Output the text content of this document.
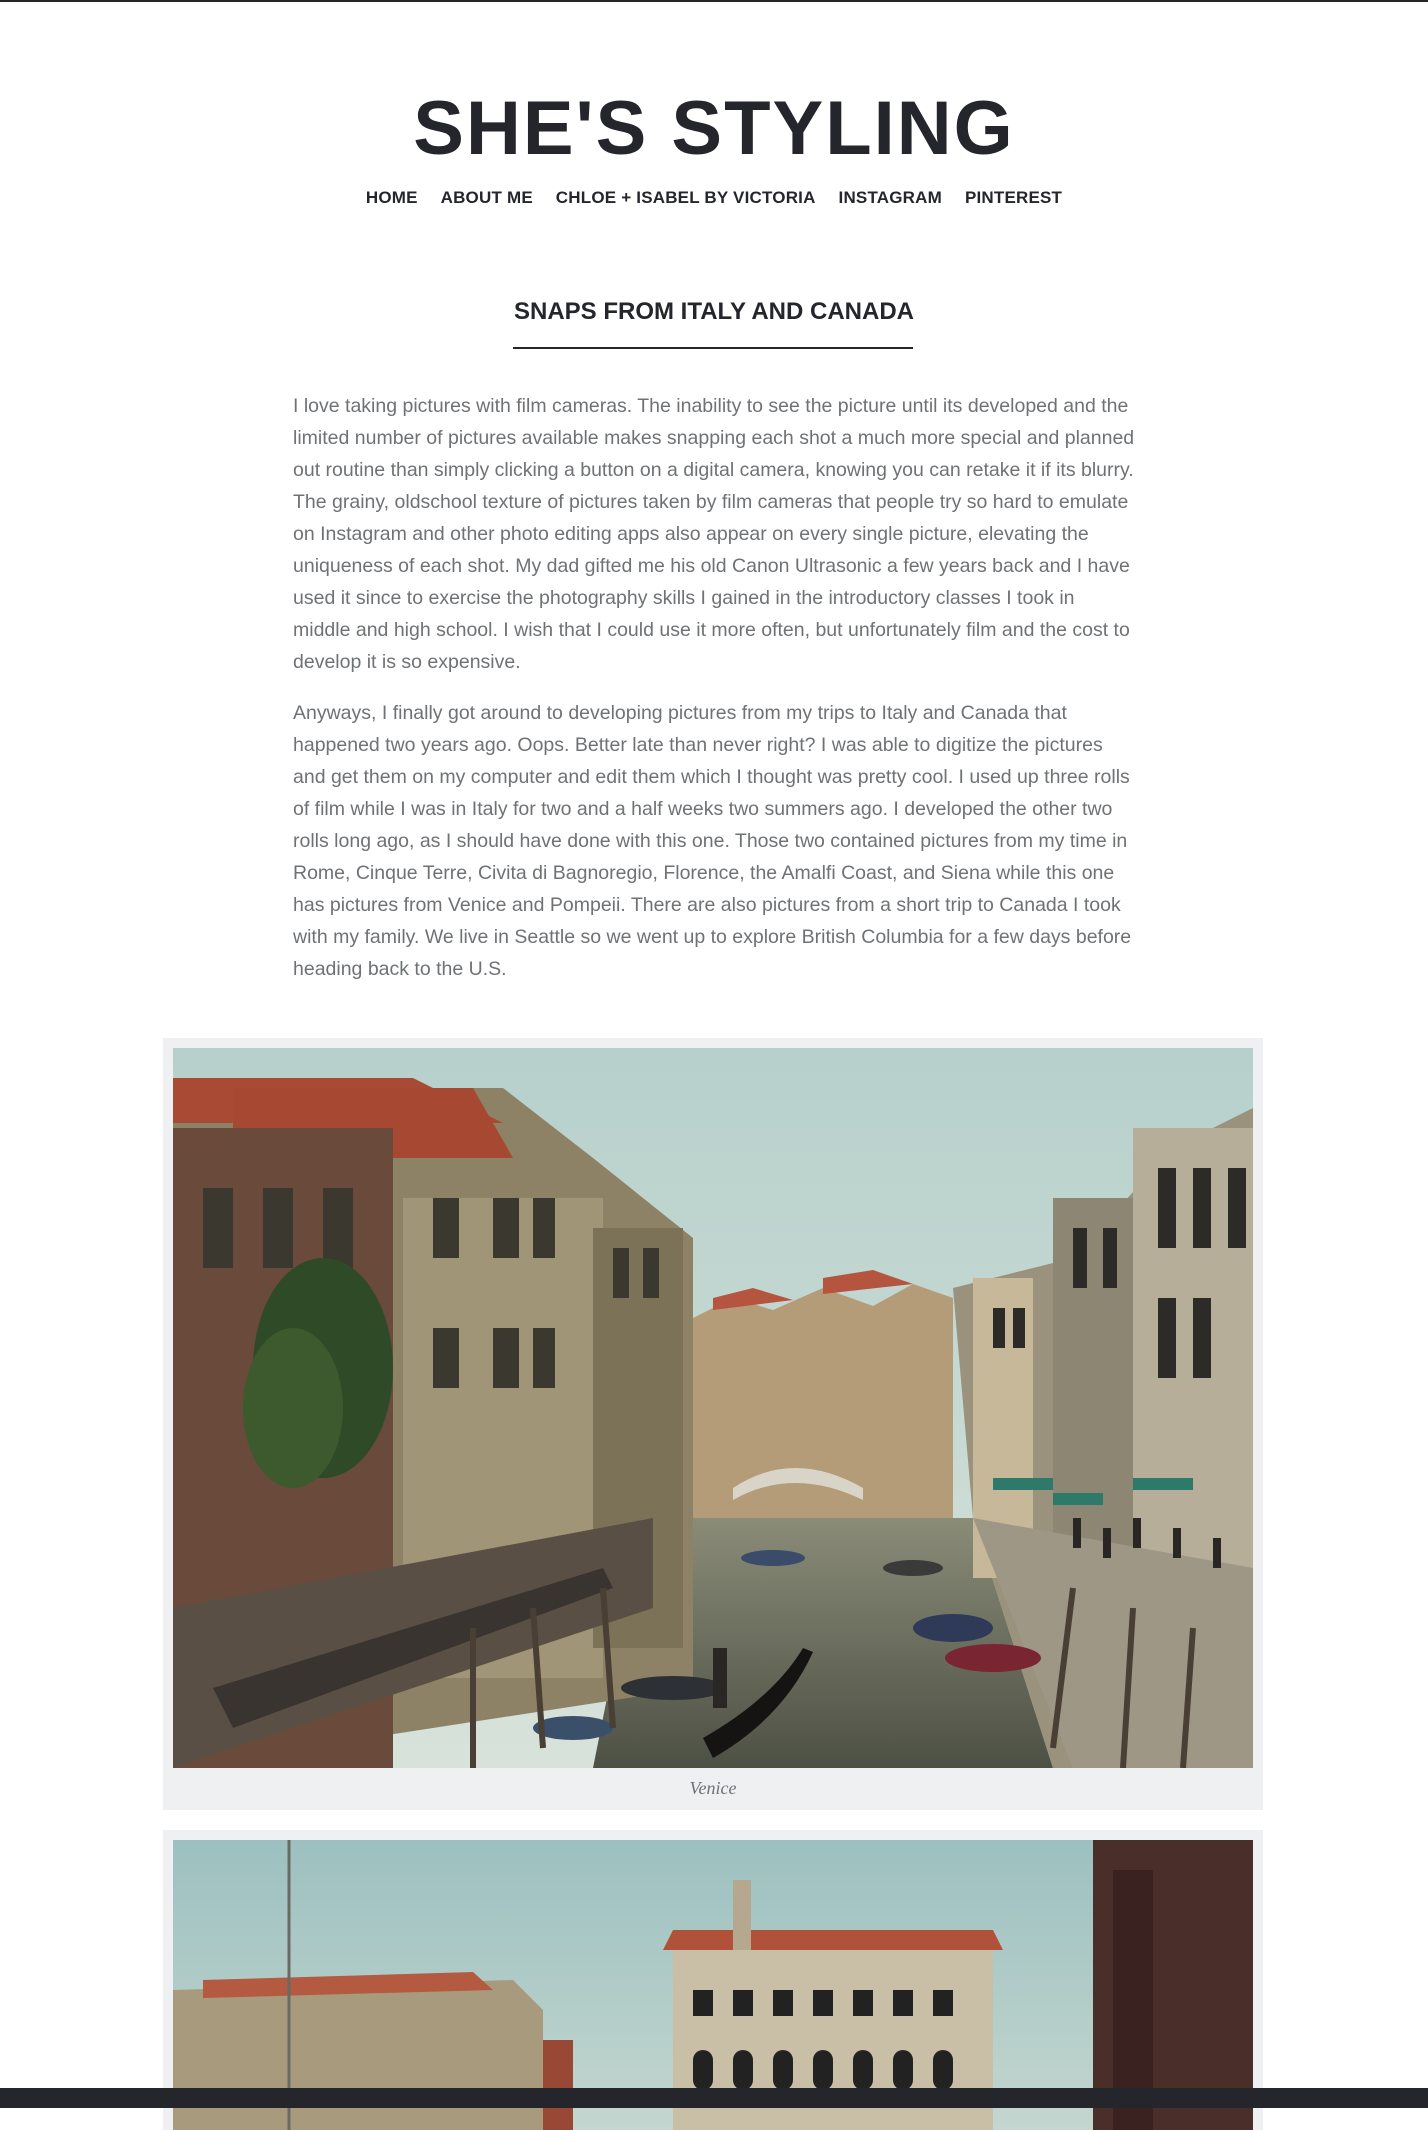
SHE'S STYLING
HOME ABOUT ME CHLOE + ISABEL BY VICTORIA INSTAGRAM PINTEREST
SNAPS FROM ITALY AND CANADA

I love taking pictures with film cameras. The inability to see the picture until its developed and the limited number of pictures available makes snapping each shot a much more special and planned out routine than simply clicking a button on a digital camera, knowing you can retake it if its blurry. The grainy, oldschool texture of pictures taken by film cameras that people try so hard to emulate on Instagram and other photo editing apps also appear on every single picture, elevating the uniqueness of each shot. My dad gifted me his old Canon Ultrasonic a few years back and I have used it since to exercise the photography skills I gained in the introductory classes I took in middle and high school. I wish that I could use it more often, but unfortunately film and the cost to develop it is so expensive.

Anyways, I finally got around to developing pictures from my trips to Italy and Canada that happened two years ago. Oops. Better late than never right? I was able to digitize the pictures and get them on my computer and edit them which I thought was pretty cool. I used up three rolls of film while I was in Italy for two and a half weeks two summers ago. I developed the other two rolls long ago, as I should have done with this one. Those two contained pictures from my time in Rome, Cinque Terre, Civita di Bagnoregio, Florence, the Amalfi Coast, and Siena while this one has pictures from Venice and Pompeii. There are also pictures from a short trip to Canada I took with my family. We live in Seattle so we went up to explore British Columbia for a few days before heading back to the U.S.

Venice
